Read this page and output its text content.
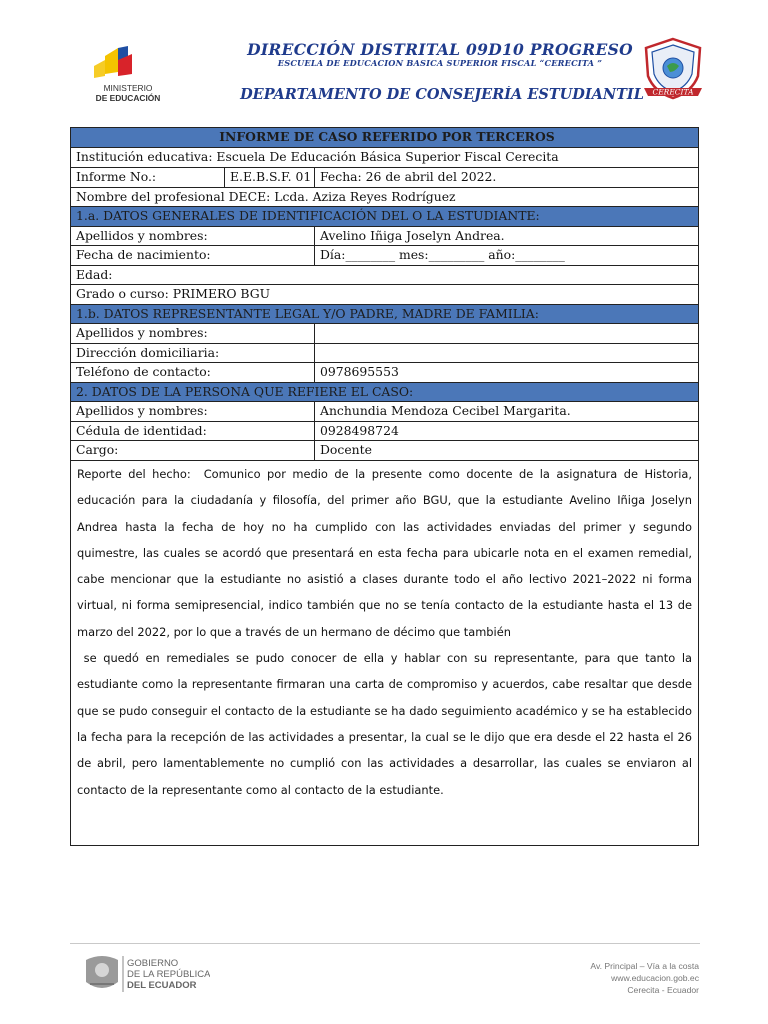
MINISTERIO
DE EDUCACIÓN
DIRECCIÓN DISTRITAL 09D10 PROGRESO
ESCUELA DE EDUCACION BASICA SUPERIOR FISCAL “CERECITA ”
DEPARTAMENTO DE CONSEJERÍA ESTUDIANTIL	CERECITA
INFORME DE CASO REFERIDO POR TERCEROS
Institución educativa: Escuela De Educación Básica Superior Fiscal Cerecita
Informe No.:	E.E.B.S.F. 01 Fecha: 26 de abril del 2022.
Nombre del profesional DECE: Lcda. Aziza Reyes Rodríguez
1.a. DATOS GENERALES DE IDENTIFICACIÓN DEL O LA ESTUDIANTE:
Apellidos y nombres:	Avelino Iñiga Joselyn Andrea.
Fecha de nacimiento:	Día:________ mes:_________ año:________
Edad:
Grado o curso: PRIMERO BGU
1.b. DATOS REPRESENTANTE LEGAL Y/O PADRE, MADRE DE FAMILIA:
Apellidos y nombres:
Dirección domiciliaria:
Teléfono de contacto:	0978695553
2. DATOS DE LA PERSONA QUE REFIERE EL CASO:
Apellidos y nombres:	Anchundia Mendoza Cecibel Margarita.
Cédula de identidad:	0928498724
Cargo:	Docente

Reporte del hecho: Comunico por medio de la presente como docente de la asignatura de Historia, educación para la ciudadanía y filosofía, del primer año BGU, que la estudiante Avelino Iñiga Joselyn Andrea hasta la fecha de hoy no ha cumplido con las actividades enviadas del primer y segundo quimestre, las cuales se acordó que presentará en esta fecha para ubicarle nota en el examen remedial, cabe mencionar que la estudiante no asistió a clases durante todo el año lectivo 2021–2022 ni forma virtual, ni forma semipresencial, indico también que no se tenía contacto de la estudiante hasta el 13 de marzo del 2022, por lo que a través de un hermano de décimo que también

se quedó en remediales se pudo conocer de ella y hablar con su representante, para que tanto la estudiante como la representante firmaran una carta de compromiso y acuerdos, cabe resaltar que desde que se pudo conseguir el contacto de la estudiante se ha dado seguimiento académico y se ha establecido la fecha para la recepción de las actividades a presentar, la cual se le dijo que era desde el 22 hasta el 26 de abril, pero lamentablemente no cumplió con las actividades a desarrollar, las cuales se enviaron al contacto de la representante como al contacto de la estudiante.

GOBIERNO
DE LA REPÚBLICA
DEL ECUADOR
Av. Principal – Vía a la costa
www.educacion.gob.ec
Cerecita - Ecuador
